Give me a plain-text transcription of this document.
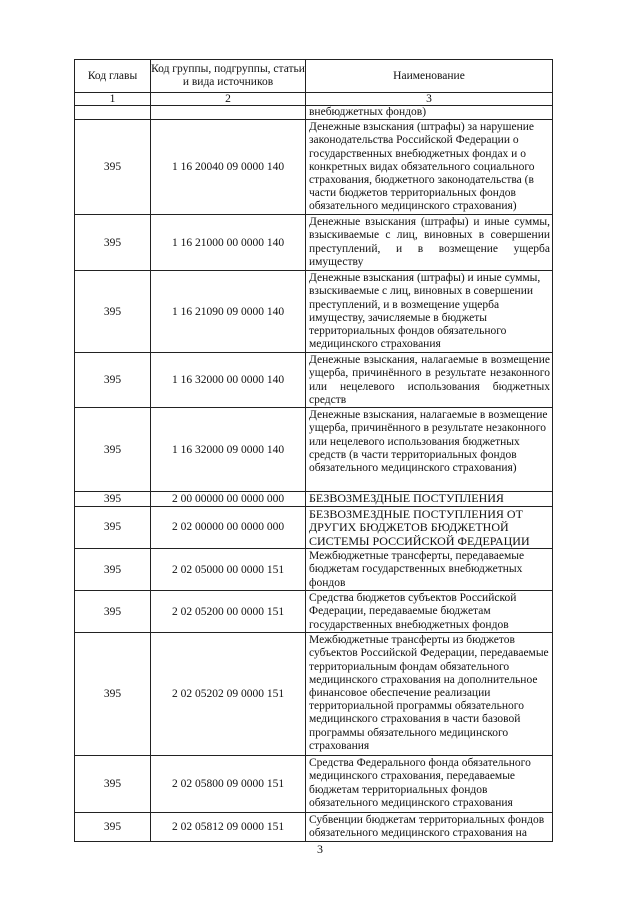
Код главы	Код группы, подгруппы, статьи и вида источников	Наименование
1	2	3
		внебюджетных фондов)
395	1 16 20040 09 0000 140	Денежные взыскания (штрафы) за нарушение законодательства Российской Федерации о государственных внебюджетных фондах и о конкретных видах обязательного социального страхования, бюджетного законодательства (в части бюджетов территориальных фондов обязательного медицинского страхования)
395	1 16 21000 00 0000 140	Денежные взыскания (штрафы) и иные суммы, взыскиваемые с лиц, виновных в совершении преступлений, и в возмещение ущерба имуществу
395	1 16 21090 09 0000 140	Денежные взыскания (штрафы) и иные суммы, взыскиваемые с лиц, виновных в совершении преступлений, и в возмещение ущерба имуществу, зачисляемые в бюджеты территориальных фондов обязательного медицинского страхования
395	1 16 32000 00 0000 140	Денежные взыскания, налагаемые в возмещение ущерба, причинённого в результате незаконного или нецелевого использования бюджетных средств
395	1 16 32000 09 0000 140	Денежные взыскания, налагаемые в возмещение ущерба, причинённого в результате незаконного или нецелевого использования бюджетных средств (в части территориальных фондов обязательного медицинского страхования)
395	2 00 00000 00 0000 000	БЕЗВОЗМЕЗДНЫЕ ПОСТУПЛЕНИЯ
395	2 02 00000 00 0000 000	БЕЗВОЗМЕЗДНЫЕ ПОСТУПЛЕНИЯ ОТ ДРУГИХ БЮДЖЕТОВ БЮДЖЕТНОЙ СИСТЕМЫ РОССИЙСКОЙ ФЕДЕРАЦИИ
395	2 02 05000 00 0000 151	Межбюджетные трансферты, передаваемые бюджетам государственных внебюджетных фондов
395	2 02 05200 00 0000 151	Средства бюджетов субъектов Российской Федерации, передаваемые бюджетам государственных внебюджетных фондов
395	2 02 05202 09 0000 151	Межбюджетные трансферты из бюджетов субъектов Российской Федерации, передаваемые территориальным фондам обязательного медицинского страхования на дополнительное финансовое обеспечение реализации территориальной программы обязательного медицинского страхования в части базовой программы обязательного медицинского страхования
395	2 02 05800 09 0000 151	Средства Федерального фонда обязательного медицинского страхования, передаваемые бюджетам территориальных фондов обязательного медицинского страхования
395	2 02 05812 09 0000 151	Субвенции бюджетам территориальных фондов обязательного медицинского страхования на
3
